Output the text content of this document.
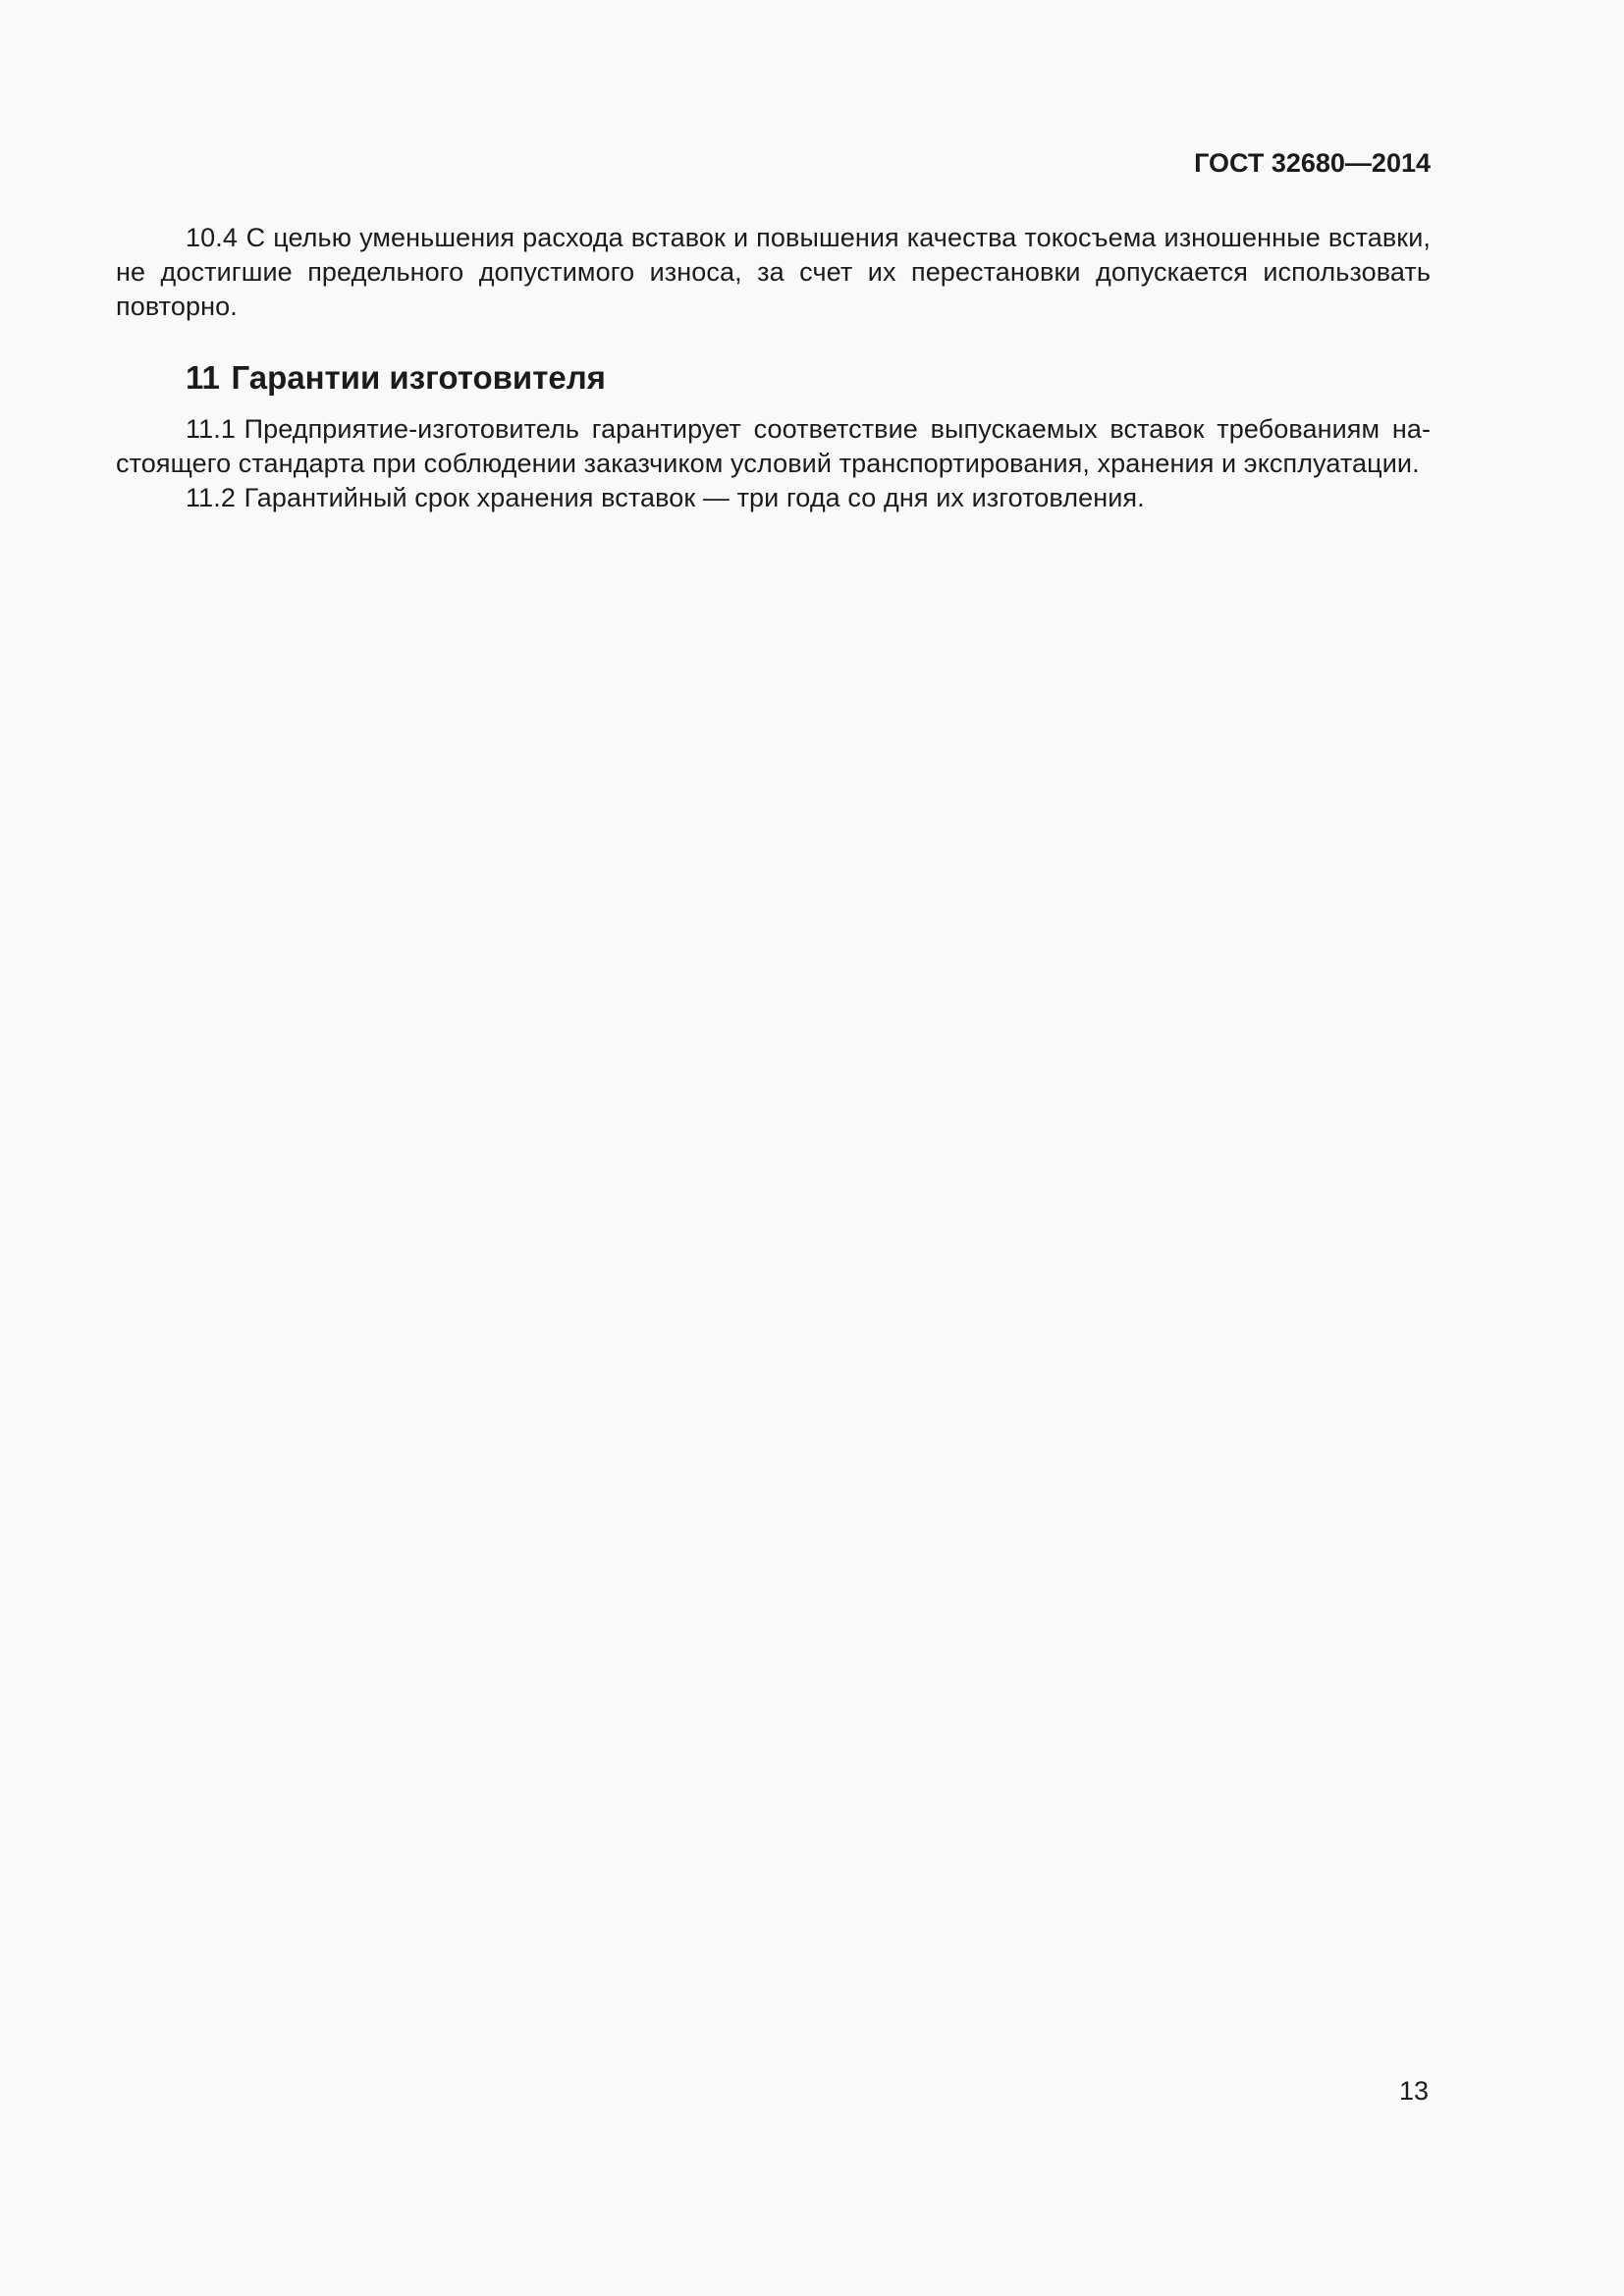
ГОСТ 32680—2014

10.4 С целью уменьшения расхода вставок и повышения качества токосъема изношенные вставки, не достигшие предельного допустимого износа, за счет их перестановки допускается использовать повторно.

11 Гарантии изготовителя

11.1 Предприятие-изготовитель гарантирует соответствие выпускаемых вставок требованиям настоящего стандарта при соблюдении заказчиком условий транспортирования, хранения и эксплуатации.

11.2 Гарантийный срок хранения вставок — три года со дня их изготовления.

13
